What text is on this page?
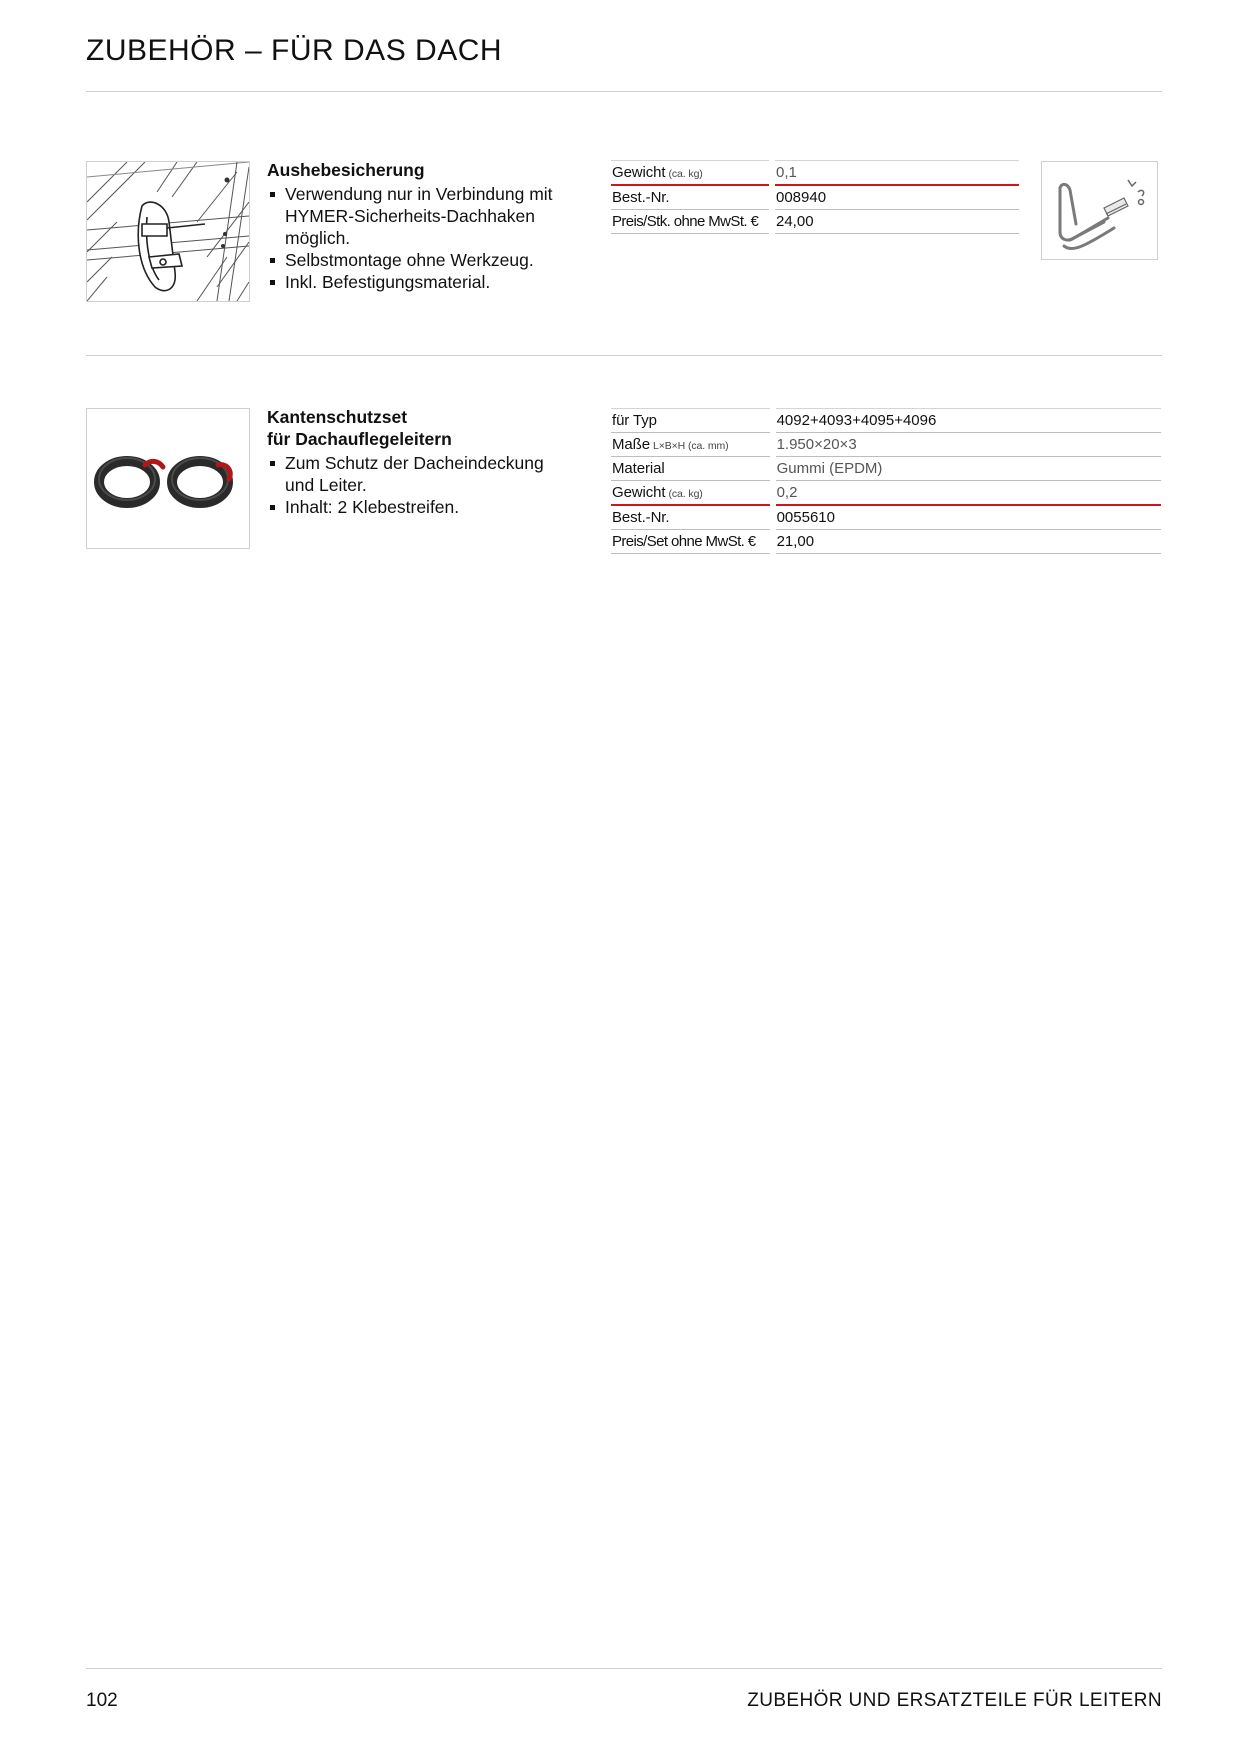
ZUBEHÖR – FÜR DAS DACH
Aushebesicherung
Verwendung nur in Verbindung mit HYMER-Sicherheits-Dachhaken möglich.
Selbstmontage ohne Werkzeug.
Inkl. Befestigungsmaterial.
Gewicht (ca. kg)	0,1
Best.-Nr.	008940
Preis/Stk. ohne MwSt. €	24,00
Kantenschutzset
für Dachauflegeleitern
Zum Schutz der Dacheindeckung und Leiter.
Inhalt: 2 Klebestreifen.
für Typ	4092+4093+4095+4096
Maße L×B×H (ca. mm)	1.950×20×3
Material	Gummi (EPDM)
Gewicht (ca. kg)	0,2
Best.-Nr.	0055610
Preis/Set ohne MwSt. €	21,00
102	ZUBEHÖR UND ERSATZTEILE FÜR LEITERN
